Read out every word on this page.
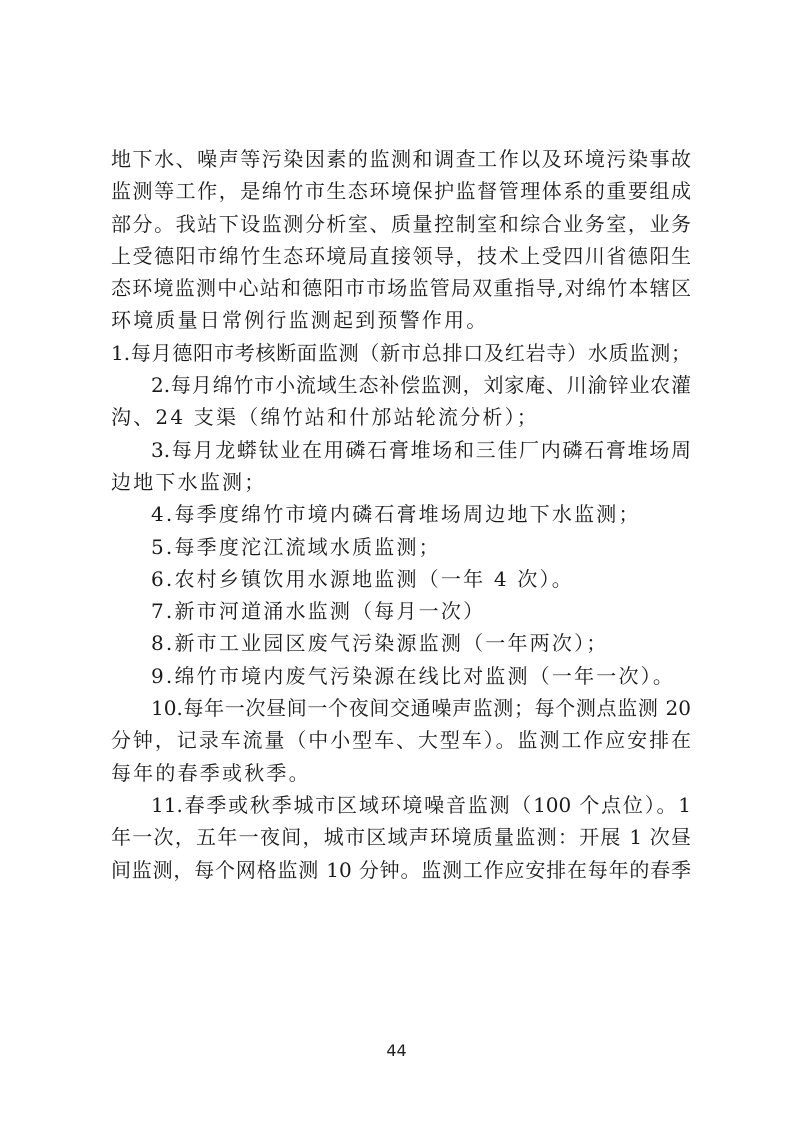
地下水、噪声等污染因素的监测和调查工作以及环境污染事故
监测等工作，是绵竹市生态环境保护监督管理体系的重要组成
部分。我站下设监测分析室、质量控制室和综合业务室，业务
上受德阳市绵竹生态环境局直接领导，技术上受四川省德阳生
态环境监测中心站和德阳市市场监管局双重指导,对绵竹本辖区
环境质量日常例行监测起到预警作用。
1.每月德阳市考核断面监测（新市总排口及红岩寺）水质监测；
2.每月绵竹市小流域生态补偿监测，刘家庵、川渝锌业农灌
沟、24 支渠（绵竹站和什邡站轮流分析）；
3.每月龙蟒钛业在用磷石膏堆场和三佳厂内磷石膏堆场周
边地下水监测；
4.每季度绵竹市境内磷石膏堆场周边地下水监测；
5.每季度沱江流域水质监测；
6.农村乡镇饮用水源地监测（一年 4 次）。
7.新市河道涌水监测（每月一次）
8.新市工业园区废气污染源监测（一年两次）；
9.绵竹市境内废气污染源在线比对监测（一年一次）。
10.每年一次昼间一个夜间交通噪声监测；每个测点监测 20
分钟，记录车流量（中小型车、大型车）。监测工作应安排在
每年的春季或秋季。
11.春季或秋季城市区域环境噪音监测（100 个点位）。1
年一次，五年一夜间，城市区域声环境质量监测：开展 1 次昼
间监测，每个网格监测 10 分钟。监测工作应安排在每年的春季
44
